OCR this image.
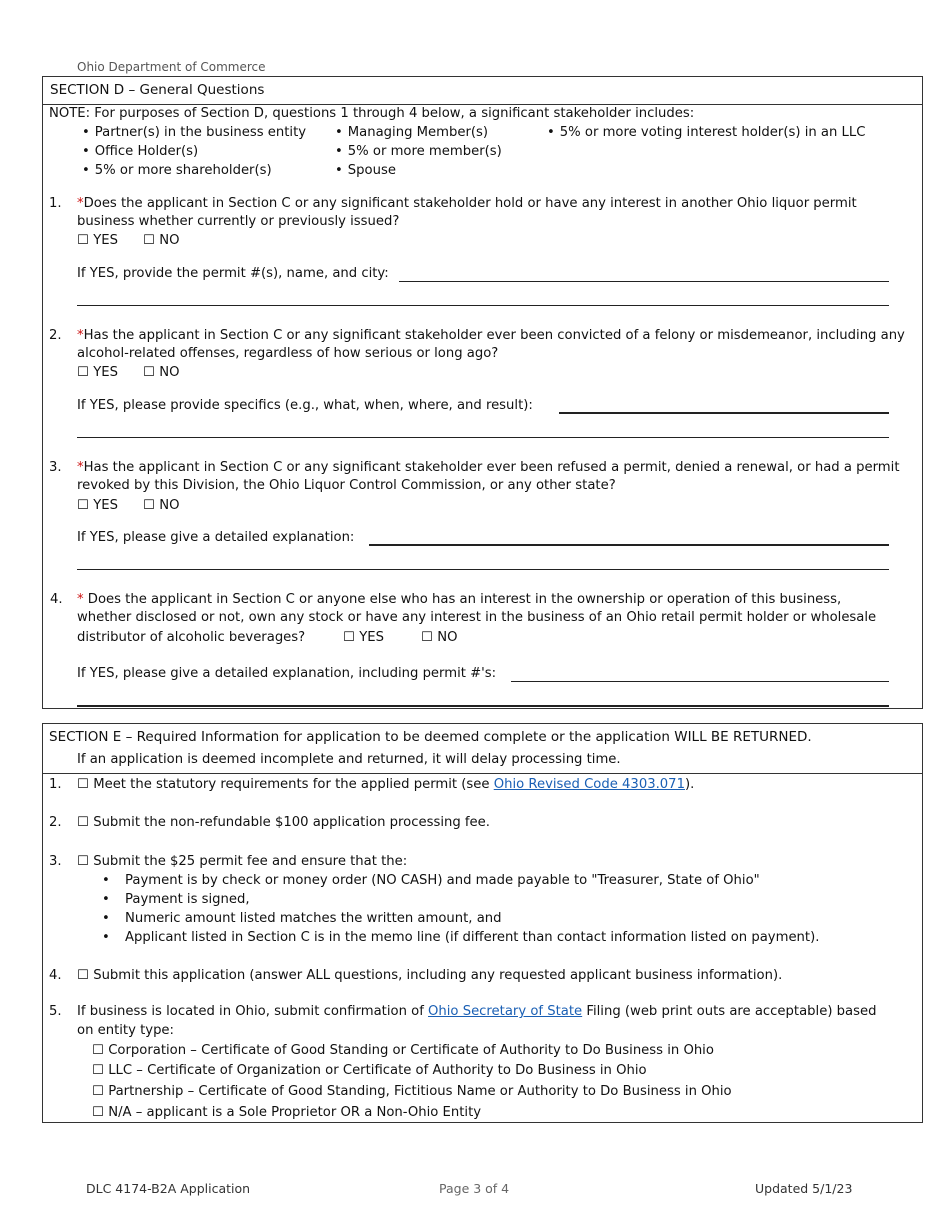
Ohio Department of Commerce
SECTION D – General Questions
NOTE: For purposes of Section D, questions 1 through 4 below, a significant stakeholder includes:
• Partner(s) in the business entity	• Managing Member(s)	• 5% or more voting interest holder(s) in an LLC
• Office Holder(s)	• 5% or more member(s)
• 5% or more shareholder(s)	• Spouse
1. *Does the applicant in Section C or any significant stakeholder hold or have any interest in another Ohio liquor permit business whether currently or previously issued?
☐ YES ☐ NO
If YES, provide the permit #(s), name, and city:
2. *Has the applicant in Section C or any significant stakeholder ever been convicted of a felony or misdemeanor, including any alcohol-related offenses, regardless of how serious or long ago?
☐ YES ☐ NO
If YES, please provide specifics (e.g., what, when, where, and result):
3. *Has the applicant in Section C or any significant stakeholder ever been refused a permit, denied a renewal, or had a permit revoked by this Division, the Ohio Liquor Control Commission, or any other state?
☐ YES ☐ NO
If YES, please give a detailed explanation:
4. * Does the applicant in Section C or anyone else who has an interest in the ownership or operation of this business,
whether disclosed or not, own any stock or have any interest in the business of an Ohio retail permit holder or wholesale
distributor of alcoholic beverages?	☐ YES	☐ NO
If YES, please give a detailed explanation, including permit #'s:
SECTION E – Required Information for application to be deemed complete or the application WILL BE RETURNED.
If an application is deemed incomplete and returned, it will delay processing time.
1. ☐ Meet the statutory requirements for the applied permit (see Ohio Revised Code 4303.071).
2. ☐ Submit the non-refundable $100 application processing fee.
3. ☐ Submit the $25 permit fee and ensure that the:
• Payment is by check or money order (NO CASH) and made payable to "Treasurer, State of Ohio"
• Payment is signed,
• Numeric amount listed matches the written amount, and
• Applicant listed in Section C is in the memo line (if different than contact information listed on payment).
4. ☐ Submit this application (answer ALL questions, including any requested applicant business information).
5. If business is located in Ohio, submit confirmation of Ohio Secretary of State Filing (web print outs are acceptable) based
on entity type:
☐ Corporation – Certificate of Good Standing or Certificate of Authority to Do Business in Ohio
☐ LLC – Certificate of Organization or Certificate of Authority to Do Business in Ohio
☐ Partnership – Certificate of Good Standing, Fictitious Name or Authority to Do Business in Ohio
☐ N/A – applicant is a Sole Proprietor OR a Non-Ohio Entity
DLC 4174-B2A Application	Page 3 of 4	Updated 5/1/23
